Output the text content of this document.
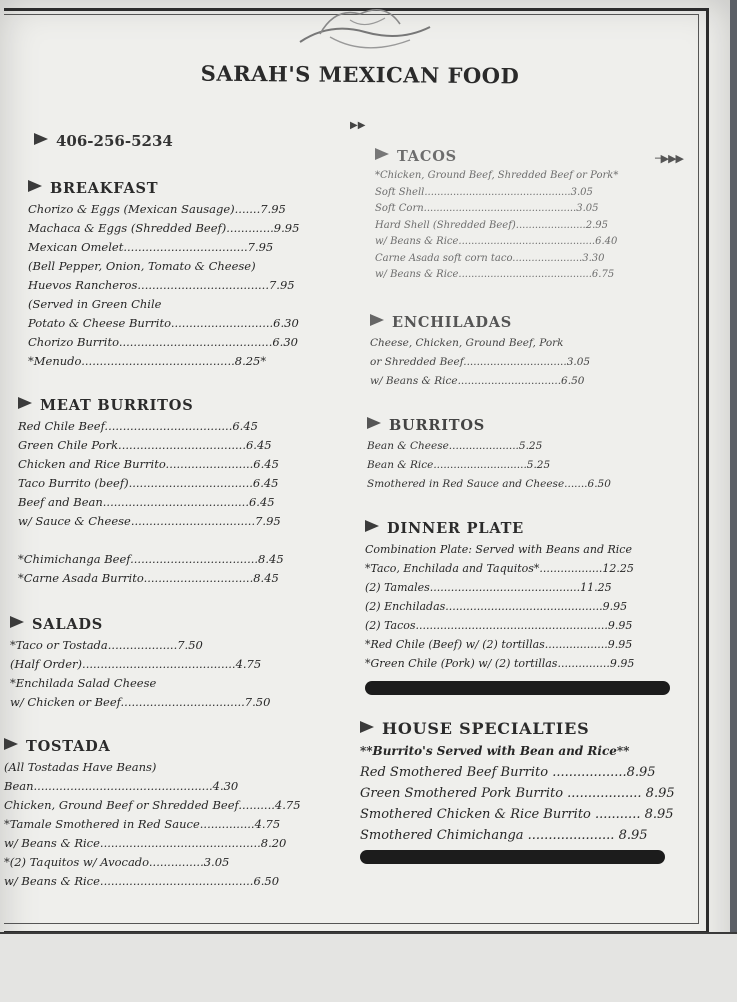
SARAH'S MEXICAN FOOD
406-256-5234
▶▶
─▶▶▶
BREAKFAST
Chorizo & Eggs (Mexican Sausage).......7.95
Machaca & Eggs (Shredded Beef).............9.95
Mexican Omelet..................................7.95
(Bell Pepper, Onion, Tomato & Cheese)
Huevos Rancheros....................................7.95
(Served in Green Chile
Potato & Cheese Burrito............................6.30
Chorizo Burrito..........................................6.30
*Menudo..........................................8.25*
MEAT BURRITOS
Red Chile Beef...................................6.45
Green Chile Pork...................................6.45
Chicken and Rice Burrito........................6.45
Taco Burrito (beef)..................................6.45
Beef and Bean........................................6.45
w/ Sauce & Cheese..................................7.95
*Chimichanga Beef...................................8.45
*Carne Asada Burrito..............................8.45
SALADS
*Taco or Tostada...................7.50
(Half Order)..........................................4.75
*Enchilada Salad Cheese
w/ Chicken or Beef..................................7.50
TOSTADA
(All Tostadas Have Beans)
Bean.................................................4.30
Chicken, Ground Beef or Shredded Beef..........4.75
*Tamale Smothered in Red Sauce...............4.75
w/ Beans & Rice............................................8.20
*(2) Taquitos w/ Avocado...............3.05
w/ Beans & Rice..........................................6.50
TACOS
*Chicken, Ground Beef, Shredded Beef or Pork*
Soft Shell..............................................3.05
Soft Corn................................................3.05
Hard Shell (Shredded Beef)......................2.95
w/ Beans & Rice...........................................6.40
Carne Asada soft corn taco......................3.30
w/ Beans & Rice..........................................6.75
ENCHILADAS
Cheese, Chicken, Ground Beef, Pork
or Shredded Beef...............................3.05
w/ Beans & Rice...............................6.50
BURRITOS
Bean & Cheese.....................5.25
Bean & Rice............................5.25
Smothered in Red Sauce and Cheese.......6.50
DINNER PLATE
Combination Plate: Served with Beans and Rice
*Taco, Enchilada and Taquitos*..................12.25
(2) Tamales...........................................11.25
(2) Enchiladas.............................................9.95
(2) Tacos.......................................................9.95
*Red Chile (Beef) w/ (2) tortillas..................9.95
*Green Chile (Pork) w/ (2) tortillas...............9.95
HOUSE SPECIALTIES
**Burrito's Served with Bean and Rice**
Red Smothered Beef Burrito ..................8.95
Green Smothered Pork Burrito .................. 8.95
Smothered Chicken & Rice Burrito ........... 8.95
Smothered Chimichanga ..................... 8.95
